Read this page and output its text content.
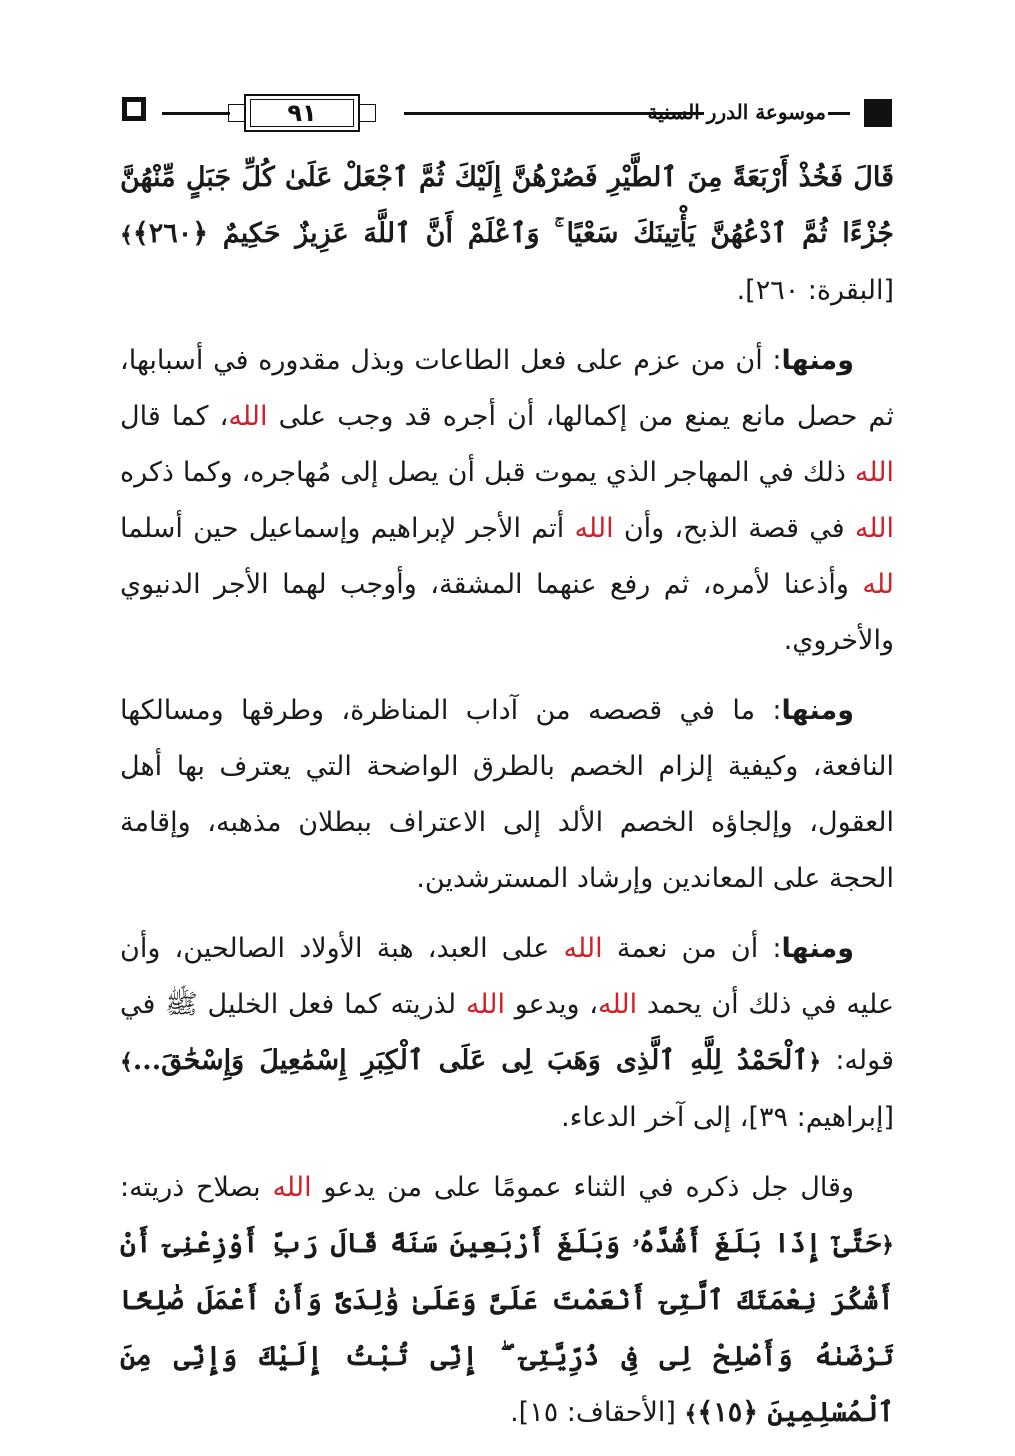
٩١	موسوعة الدرر السنية

قَالَ فَخُذْ أَرْبَعَةً مِنَ ٱلطَّيْرِ فَصُرْهُنَّ إِلَيْكَ ثُمَّ ٱجْعَلْ عَلَىٰ كُلِّ جَبَلٍ مِّنْهُنَّ جُزْءًا ثُمَّ ٱدْعُهُنَّ يَأْتِينَكَ سَعْيًا ۚ وَٱعْلَمْ أَنَّ ٱللَّهَ عَزِيزٌ حَكِيمٌ ﴿٢٦٠﴾﴾ [البقرة: ٢٦٠].

ومنها: أن من عزم على فعل الطاعات وبذل مقدوره في أسبابها، ثم حصل مانع يمنع من إكمالها، أن أجره قد وجب على الله، كما قال الله ذلك في المهاجر الذي يموت قبل أن يصل إلى مُهاجره، وكما ذكره الله في قصة الذبح، وأن الله أتم الأجر لإبراهيم وإسماعيل حين أسلما لله وأذعنا لأمره، ثم رفع عنهما المشقة، وأوجب لهما الأجر الدنيوي والأخروي.

ومنها: ما في قصصه من آداب المناظرة، وطرقها ومسالكها النافعة، وكيفية إلزام الخصم بالطرق الواضحة التي يعترف بها أهل العقول، وإلجاؤه الخصم الألد إلى الاعتراف ببطلان مذهبه، وإقامة الحجة على المعاندين وإرشاد المسترشدين.

ومنها: أن من نعمة الله على العبد، هبة الأولاد الصالحين، وأن عليه في ذلك أن يحمد الله، ويدعو الله لذريته كما فعل الخليل ﷺ في قوله: ﴿ٱلْحَمْدُ لِلَّهِ ٱلَّذِى وَهَبَ لِى عَلَى ٱلْكِبَرِ إِسْمَٰعِيلَ وَإِسْحَٰقَ...﴾ [إبراهيم: ٣٩]، إلى آخر الدعاء.

وقال جل ذكره في الثناء عمومًا على من يدعو الله بصلاح ذريته: ﴿حَتَّىٰٓ إِذَا بَلَغَ أَشُدَّهُۥ وَبَلَغَ أَرْبَعِينَ سَنَةً قَالَ رَبِّ أَوْزِعْنِىٓ أَنْ أَشْكُرَ نِعْمَتَكَ ٱلَّتِىٓ أَنْعَمْتَ عَلَىَّ وَعَلَىٰ وَٰلِدَىَّ وَأَنْ أَعْمَلَ صَٰلِحًا تَرْضَىٰهُ وَأَصْلِحْ لِى فِى ذُرِّيَّتِىٓ ۖ إِنِّى تُبْتُ إِلَيْكَ وَإِنِّى مِنَ ٱلْمُسْلِمِينَ ﴿١٥﴾﴾ [الأحقاف: ١٥].
